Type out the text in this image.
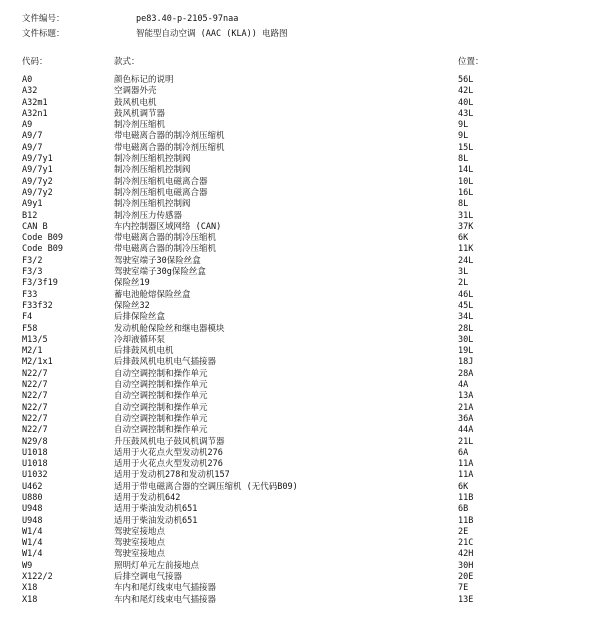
文件编号：	pe83.40-p-2105-97naa
文件标题：	智能型自动空调 (AAC (KLA)) 电路图
代码：	款式：	位置：
A0	颜色标记的说明	56L
A32	空调器外壳	42L
A32m1	鼓风机电机	40L
A32n1	鼓风机调节器	43L
A9	制冷剂压缩机	9L
A9/7	带电磁离合器的制冷剂压缩机	9L
A9/7	带电磁离合器的制冷剂压缩机	15L
A9/7y1	制冷剂压缩机控制阀	8L
A9/7y1	制冷剂压缩机控制阀	14L
A9/7y2	制冷剂压缩机电磁离合器	10L
A9/7y2	制冷剂压缩机电磁离合器	16L
A9y1	制冷剂压缩机控制阀	8L
B12	制冷剂压力传感器	31L
CAN B	车内控制器区域网络 (CAN)	37K
Code B09	带电磁离合器的制冷压缩机	6K
Code B09	带电磁离合器的制冷压缩机	11K
F3/2	驾驶室端子30保险丝盒	24L
F3/3	驾驶室端子30g保险丝盒	3L
F3/3f19	保险丝19	2L
F33	蓄电池舱熔保险丝盒	46L
F33f32	保险丝32	45L
F4	后排保险丝盒	34L
F58	发动机舱保险丝和继电器模块	28L
M13/5	冷却液循环泵	30L
M2/1	后排鼓风机电机	19L
M2/1x1	后排鼓风机电机电气插接器	18J
N22/7	自动空调控制和操作单元	28A
N22/7	自动空调控制和操作单元	4A
N22/7	自动空调控制和操作单元	13A
N22/7	自动空调控制和操作单元	21A
N22/7	自动空调控制和操作单元	36A
N22/7	自动空调控制和操作单元	44A
N29/8	升压鼓风机电子鼓风机调节器	21L
U1018	适用于火花点火型发动机276	6A
U1018	适用于火花点火型发动机276	11A
U1032	适用于发动机278和发动机157	11A
U462	适用于带电磁离合器的空调压缩机 (无代码B09)	6K
U880	适用于发动机642	11B
U948	适用于柴油发动机651	6B
U948	适用于柴油发动机651	11B
W1/4	驾驶室接地点	2E
W1/4	驾驶室接地点	21C
W1/4	驾驶室接地点	42H
W9	照明灯单元左前接地点	30H
X122/2	后排空调电气接器	20E
X18	车内和尾灯线束电气插接器	7E
X18	车内和尾灯线束电气插接器	13E
